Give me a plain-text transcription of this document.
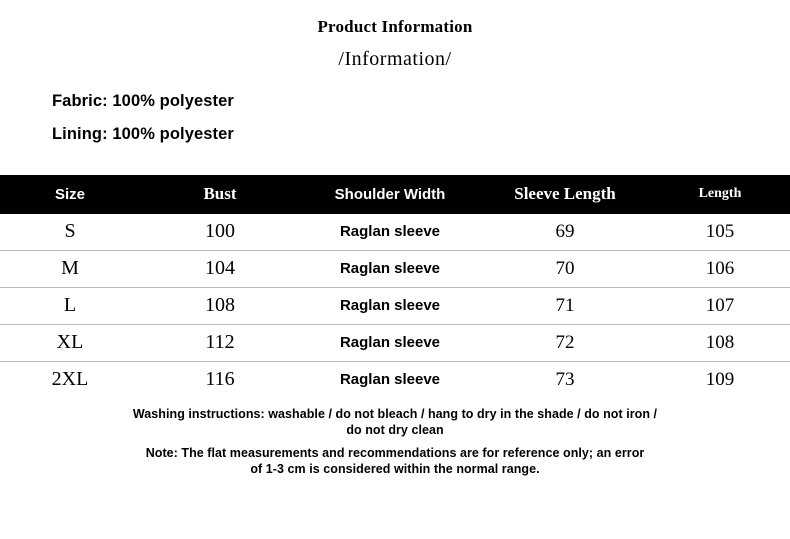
Product Information
/Information/
Fabric: 100% polyester
Lining: 100% polyester
Size	Bust	Shoulder Width	Sleeve Length	Length
S	100	Raglan sleeve	69	105
M	104	Raglan sleeve	70	106
L	108	Raglan sleeve	71	107
XL	112	Raglan sleeve	72	108
2XL	116	Raglan sleeve	73	109
Washing instructions: washable / do not bleach / hang to dry in the shade / do not iron /
do not dry clean
Note: The flat measurements and recommendations are for reference only; an error
of 1-3 cm is considered within the normal range.
